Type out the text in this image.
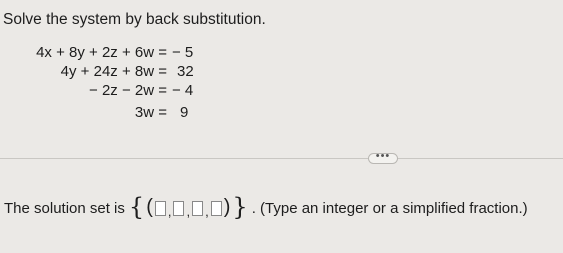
Solve the system by back substitution.
4x + 8y + 2z + 6w = − 5
4y + 24z + 8w = 32
− 2z − 2w = − 4
3w = 9
•••
The solution set is { ( , , , ) } . (Type an integer or a simplified fraction.)
